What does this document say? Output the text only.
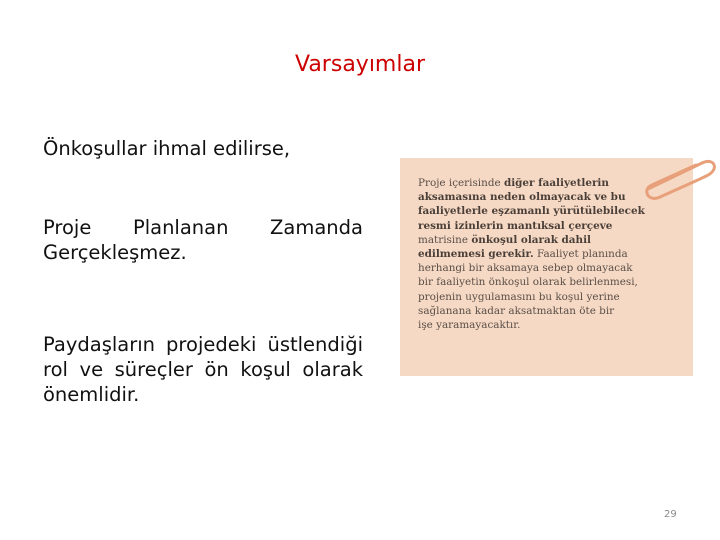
Varsayımlar
Önkoşullar ihmal edilirse,
Proje Planlanan Zamanda Gerçekleşmez.
Paydaşların projedeki üstlendiği rol ve süreçler ön koşul olarak önemlidir.
Proje içerisinde diğer faaliyetlerin
aksamasına neden olmayacak ve bu
faaliyetlerle eşzamanlı yürütülebilecek
resmi izinlerin mantıksal çerçeve
matrisine önkoşul olarak dahil
edilmemesi gerekir. Faaliyet planında
herhangi bir aksamaya sebep olmayacak
bir faaliyetin önkoşul olarak belirlenmesi,
projenin uygulamasını bu koşul yerine
sağlanana kadar aksatmaktan öte bir
işe yaramayacaktır.
29
